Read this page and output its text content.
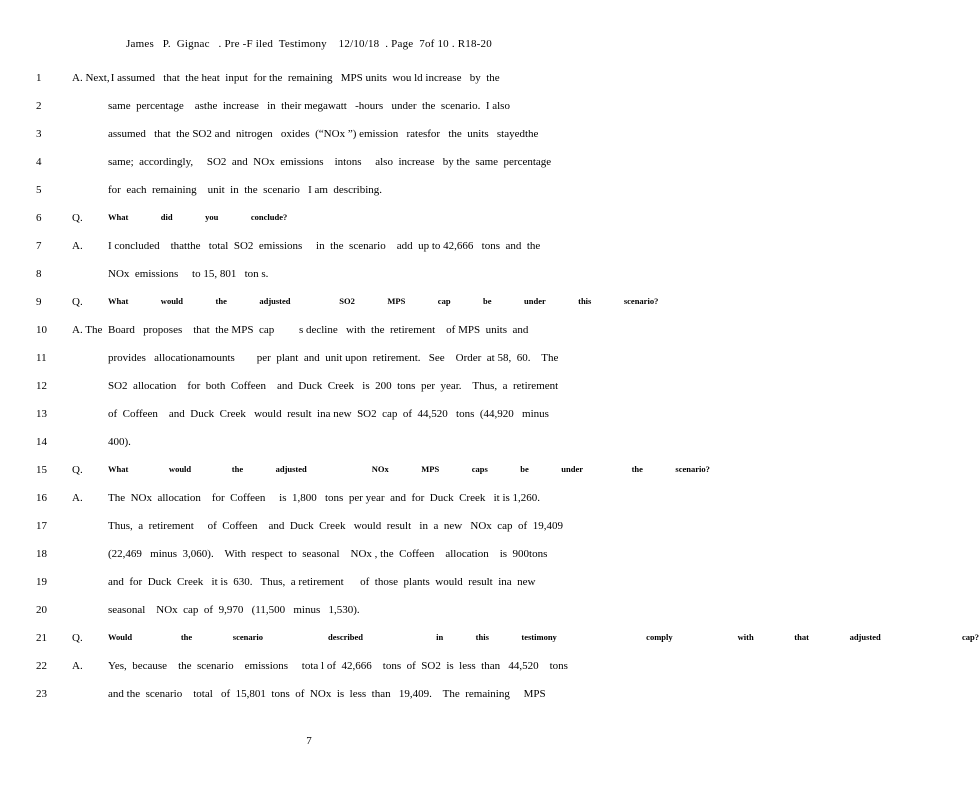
James   P.  Gignac   . Pre -F iled  Testimony    12/10/18  . Page  7of 10 . R18-20
1	A. Next,
I assumed   that  the heat  input  for the  remaining   MPS units  wou ld increase   by  the
2	same  percentage    asthe  increase   in  their megawatt   -hours   under  the  scenario.  I also
3	assumed   that  the SO2 and  nitrogen   oxides  (“NOx ”) emission   ratesfor   the  units   stayedthe
4	same;  accordingly,     SO2  and  NOx  emissions    intons     also  increase   by the  same  percentage
5	for  each  remaining    unit  in  the  scenario   I am  describing.
6	Q.	What    did    you    conclude?
7	A. I concluded    thatthe   total  SO2  emissions     in  the  scenario    add  up to 42,666   tons  and  the
8	NOx  emissions     to 15, 801   ton s.
9	Q.	What    would    the    adjusted      SO2    MPS    cap    be    under    this    scenario?
10	A. The Board   proposes    that  the MPS  cap         s decline   with  the  retirement    of MPS  units  and
11	provides   allocationamounts        per  plant  and  unit upon  retirement.   See    Order  at 58,  60.    The
12	SO2  allocation    for  both  Coffeen    and  Duck  Creek   is  200  tons  per  year.    Thus,  a  retirement
13	of  Coffeen    and  Duck  Creek   would  result  ina new  SO2  cap  of  44,520   tons  (44,920   minus
14	400).
15	Q.	What     would     the    adjusted        NOx    MPS    caps    be    under      the    scenario?
16	A. The  NOx  allocation    for  Coffeen     is  1,800   tons  per year  and  for  Duck  Creek   it is 1,260.
17	Thus,  a  retirement     of  Coffeen    and  Duck  Creek   would  result   in  a  new   NOx  cap  of  19,409
18	(22,469   minus  3,060).    With  respect  to  seasonal    NOx , the  Coffeen    allocation    is  900tons
19	and  for  Duck  Creek   it is  630.   Thus,  a retirement      of  those  plants  would  result  ina  new
20	seasonal    NOx  cap  of  9,970   (11,500   minus   1,530).
21	Q.	Would      the     scenario        described         in    this    testimony           comply        with     that     adjusted          cap?
22	A. Yes,  because    the  scenario    emissions     tota l of  42,666    tons  of  SO2  is  less  than   44,520    tons
23	and the  scenario    total   of  15,801  tons  of  NOx  is  less  than   19,409.    The  remaining     MPS
7
